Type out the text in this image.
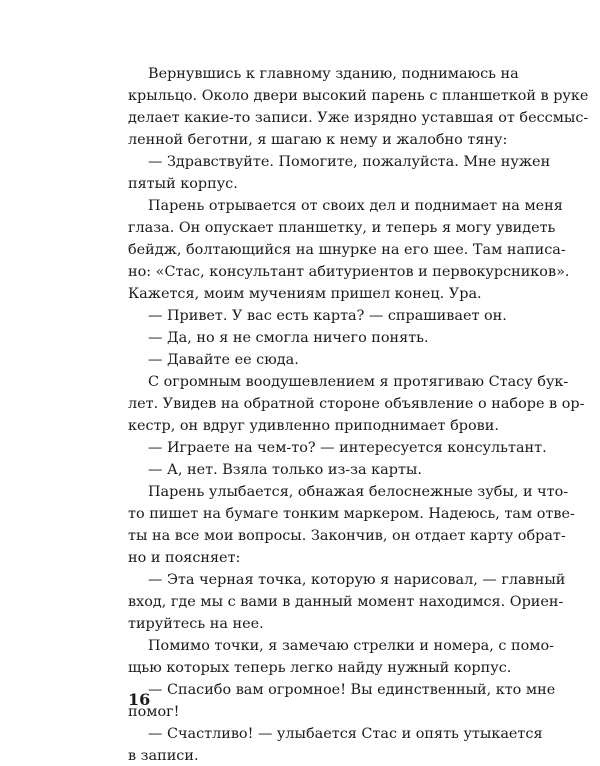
Вернувшись к главному зданию, поднимаюсь на
крыльцо. Около двери высокий парень с планшеткой в руке
делает какие-то записи. Уже изрядно уставшая от бессмыс-
ленной беготни, я шагаю к нему и жалобно тяну:
— Здравствуйте. Помогите, пожалуйста. Мне нужен
пятый корпус.
Парень отрывается от своих дел и поднимает на меня
глаза. Он опускает планшетку, и теперь я могу увидеть
бейдж, болтающийся на шнурке на его шее. Там написа-
но: «Стас, консультант абитуриентов и первокурсников».
Кажется, моим мучениям пришел конец. Ура.
— Привет. У вас есть карта? — спрашивает он.
— Да, но я не смогла ничего понять.
— Давайте ее сюда.
С огромным воодушевлением я протягиваю Стасу бук-
лет. Увидев на обратной стороне объявление о наборе в ор-
кестр, он вдруг удивленно приподнимает брови.
— Играете на чем-то? — интересуется консультант.
— А, нет. Взяла только из-за карты.
Парень улыбается, обнажая белоснежные зубы, и что-
то пишет на бумаге тонким маркером. Надеюсь, там отве-
ты на все мои вопросы. Закончив, он отдает карту обрат-
но и поясняет:
— Эта черная точка, которую я нарисовал, — главный
вход, где мы с вами в данный момент находимся. Ориен-
тируйтесь на нее.
Помимо точки, я замечаю стрелки и номера, с помо-
щью которых теперь легко найду нужный корпус.
— Спасибо вам огромное! Вы единственный, кто мне
помог!
— Счастливо! — улыбается Стас и опять утыкается
в записи.
16
